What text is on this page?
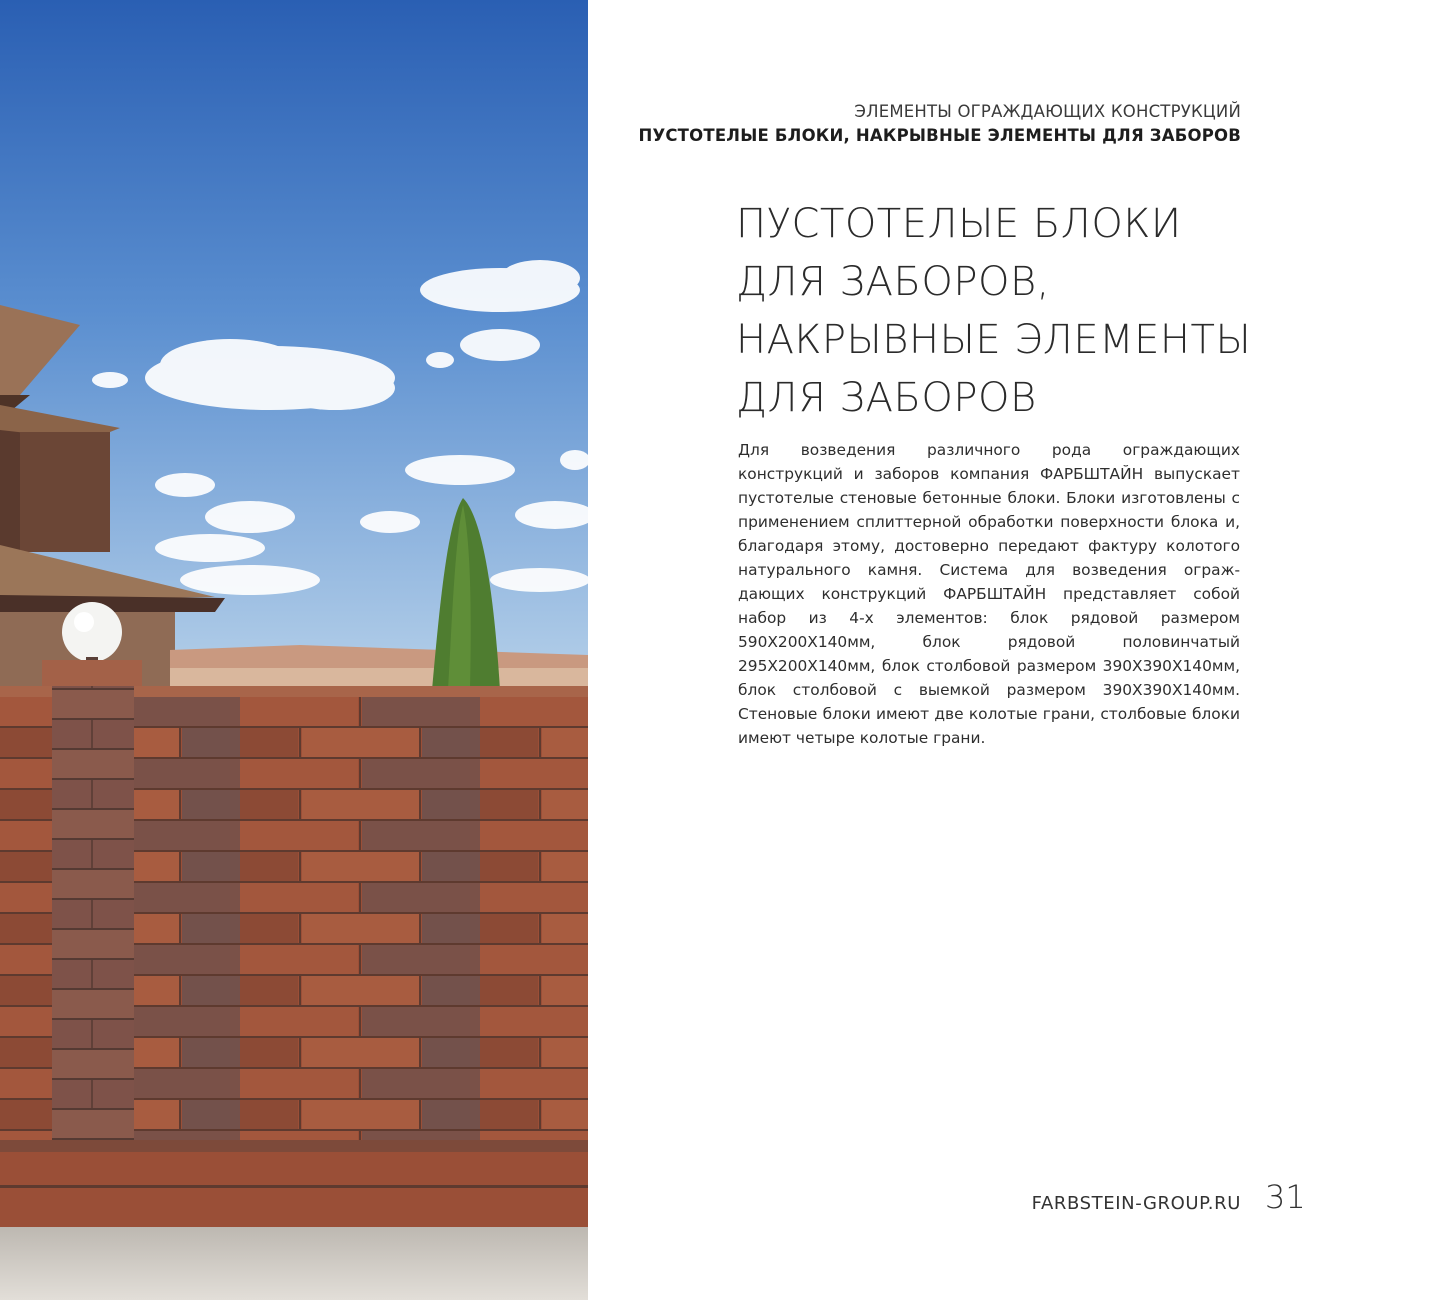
ЭЛЕМЕНТЫ ОГРАЖДАЮЩИХ КОНСТРУКЦИЙ
ПУСТОТЕЛЫЕ БЛОКИ, НАКРЫВНЫЕ ЭЛЕМЕНТЫ ДЛЯ ЗАБОРОВ
ПУСТОТЕЛЫЕ БЛОКИ
ДЛЯ ЗАБОРОВ,
НАКРЫВНЫЕ ЭЛЕМЕНТЫ
ДЛЯ ЗАБОРОВ
Для возведения различного рода ограждающих конструкций и заборов компания ФАРБШТАЙН выпускает пустотелые стеновые бетонные блоки. Блоки изготовлены с применением сплиттерной обработки поверхности блока и, благодаря этому, достоверно передают фактуру колотого натурального камня. Система для возведения ограж-дающих конструкций ФАРБШТАЙН представляет собой набор из 4-х элементов: блок рядовой размером 590X200X140мм, блок рядовой половинчатый 295X200X140мм, блок столбовой размером 390X390X140мм, блок столбовой с выемкой размером 390X390X140мм. Стеновые блоки имеют две колотые грани, столбовые блоки имеют четыре колотые грани.
FARBSTEIN-GROUP.RU 31
